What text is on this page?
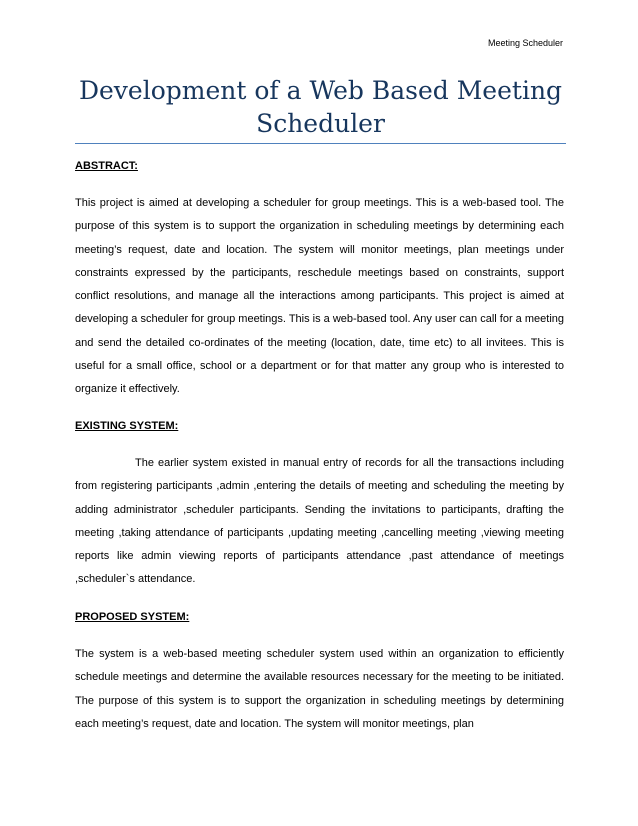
Meeting Scheduler
Development of a Web Based Meeting Scheduler
ABSTRACT:

This project is aimed at developing a scheduler for group meetings. This is a web-based tool. The purpose of this system is to support the organization in scheduling meetings by determining each meeting’s request, date and location. The system will monitor meetings, plan meetings under constraints expressed by the participants, reschedule meetings based on constraints, support conflict resolutions, and manage all the interactions among participants. This project is aimed at developing a scheduler for group meetings. This is a web-based tool. Any user can call for a meeting and send the detailed co-ordinates of the meeting (location, date, time etc) to all invitees. This is useful for a small office, school or a department or for that matter any group who is interested to organize it effectively.

EXISTING SYSTEM:

The earlier system existed in manual entry of records for all the transactions including from registering participants ,admin ,entering the details of meeting and scheduling the meeting by adding administrator ,scheduler participants. Sending the invitations to participants, drafting the meeting ,taking attendance of participants ,updating meeting ,cancelling meeting ,viewing meeting reports like admin viewing reports of participants attendance ,past attendance of meetings ,scheduler`s attendance.

PROPOSED SYSTEM:

The system is a web-based meeting scheduler system used within an organization to efficiently schedule meetings and determine the available resources necessary for the meeting to be initiated. The purpose of this system is to support the organization in scheduling meetings by determining each meeting’s request, date and location. The system will monitor meetings, plan
